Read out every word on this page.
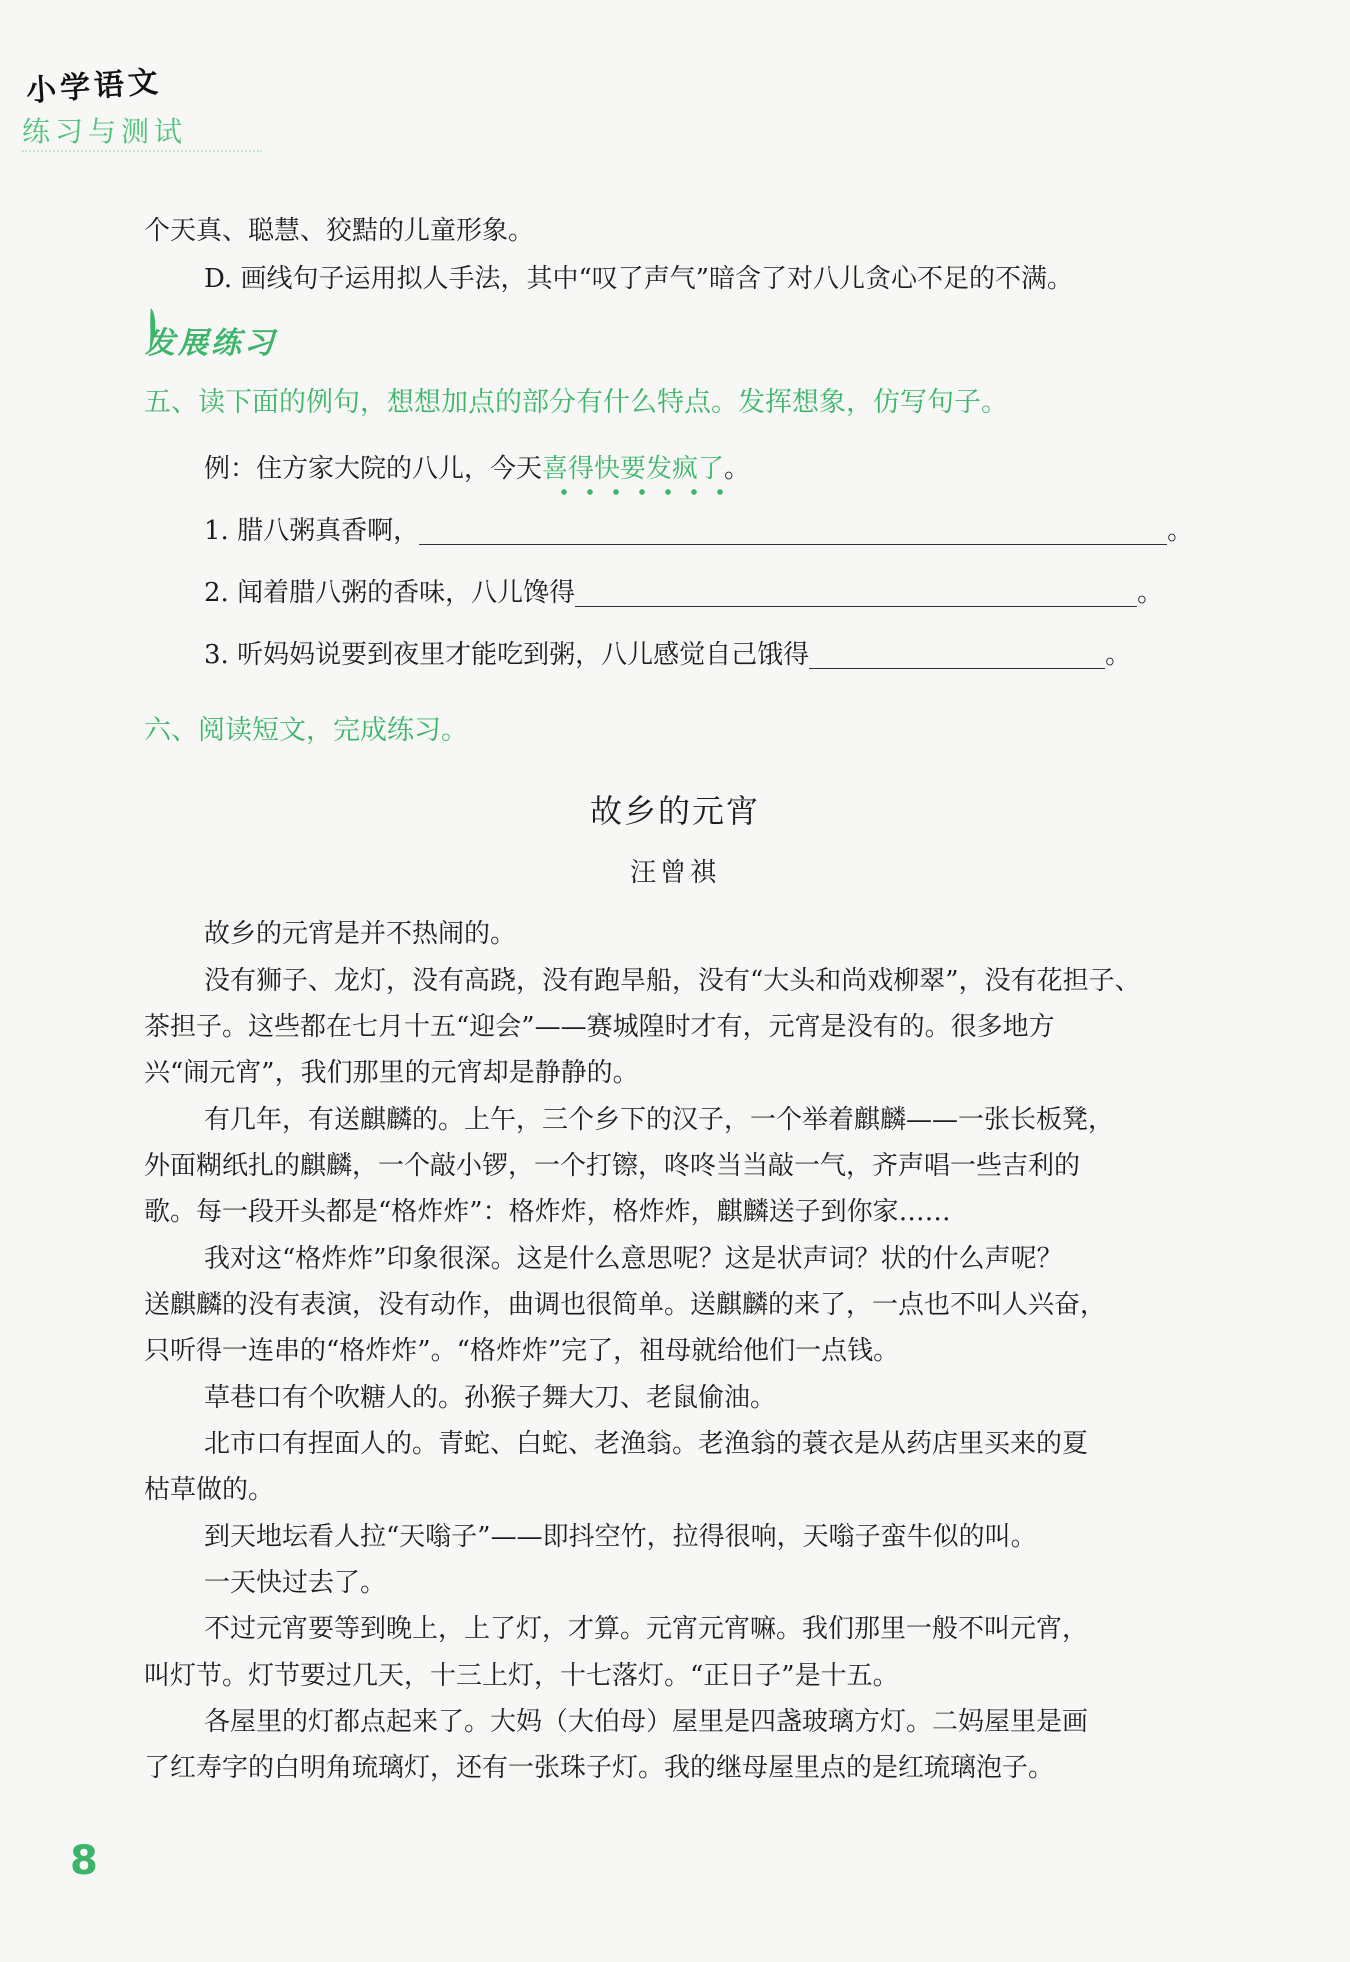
小学语文
练习与测试
个天真、聪慧、狡黠的儿童形象。
D. 画线句子运用拟人手法，其中“叹了声气”暗含了对八儿贪心不足的不满。
发展练习
五、读下面的例句，想想加点的部分有什么特点。发挥想象，仿写句子。
例：住方家大院的八儿，今天喜得快要发疯了。
1. 腊八粥真香啊，	。
2. 闻着腊八粥的香味，八儿馋得	。
3. 听妈妈说要到夜里才能吃到粥，八儿感觉自己饿得	。
六、阅读短文，完成练习。
故乡的元宵
汪曾祺
故乡的元宵是并不热闹的。
没有狮子、龙灯，没有高跷，没有跑旱船，没有“大头和尚戏柳翠”，没有花担子、
茶担子。这些都在七月十五“迎会”——赛城隍时才有，元宵是没有的。很多地方
兴“闹元宵”，我们那里的元宵却是静静的。
有几年，有送麒麟的。上午，三个乡下的汉子，一个举着麒麟——一张长板凳，
外面糊纸扎的麒麟，一个敲小锣，一个打镲，咚咚当当敲一气，齐声唱一些吉利的
歌。每一段开头都是“格炸炸”：格炸炸，格炸炸，麒麟送子到你家……
我对这“格炸炸”印象很深。这是什么意思呢？这是状声词？状的什么声呢？
送麒麟的没有表演，没有动作，曲调也很简单。送麒麟的来了，一点也不叫人兴奋，
只听得一连串的“格炸炸”。“格炸炸”完了，祖母就给他们一点钱。
草巷口有个吹糖人的。孙猴子舞大刀、老鼠偷油。
北市口有捏面人的。青蛇、白蛇、老渔翁。老渔翁的蓑衣是从药店里买来的夏
枯草做的。
到天地坛看人拉“天嗡子”——即抖空竹，拉得很响，天嗡子蛮牛似的叫。
一天快过去了。
不过元宵要等到晚上，上了灯，才算。元宵元宵嘛。我们那里一般不叫元宵，
叫灯节。灯节要过几天，十三上灯，十七落灯。“正日子”是十五。
各屋里的灯都点起来了。大妈（大伯母）屋里是四盏玻璃方灯。二妈屋里是画
了红寿字的白明角琉璃灯，还有一张珠子灯。我的继母屋里点的是红琉璃泡子。
8
